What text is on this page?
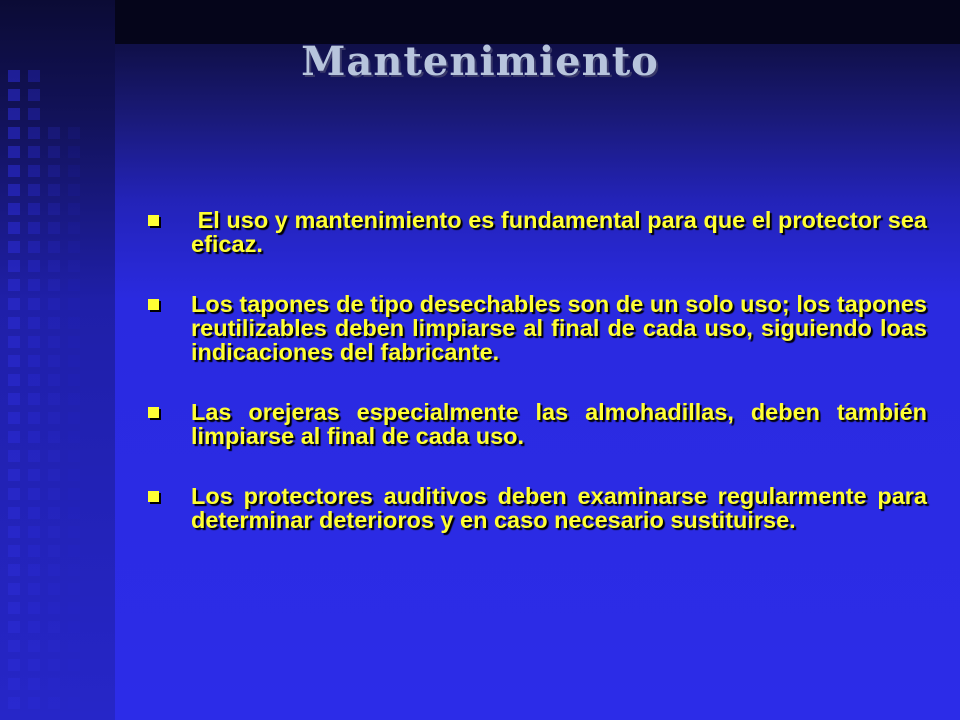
Mantenimiento
El uso y mantenimiento es fundamental para que el protector sea eficaz.
Los tapones de tipo desechables son de un solo uso; los tapones reutilizables deben limpiarse al final de cada uso, siguiendo loas indicaciones del fabricante.
Las orejeras especialmente las almohadillas, deben también limpiarse al final de cada uso.
Los protectores auditivos deben examinarse regularmente para determinar deterioros y en caso necesario sustituirse.
